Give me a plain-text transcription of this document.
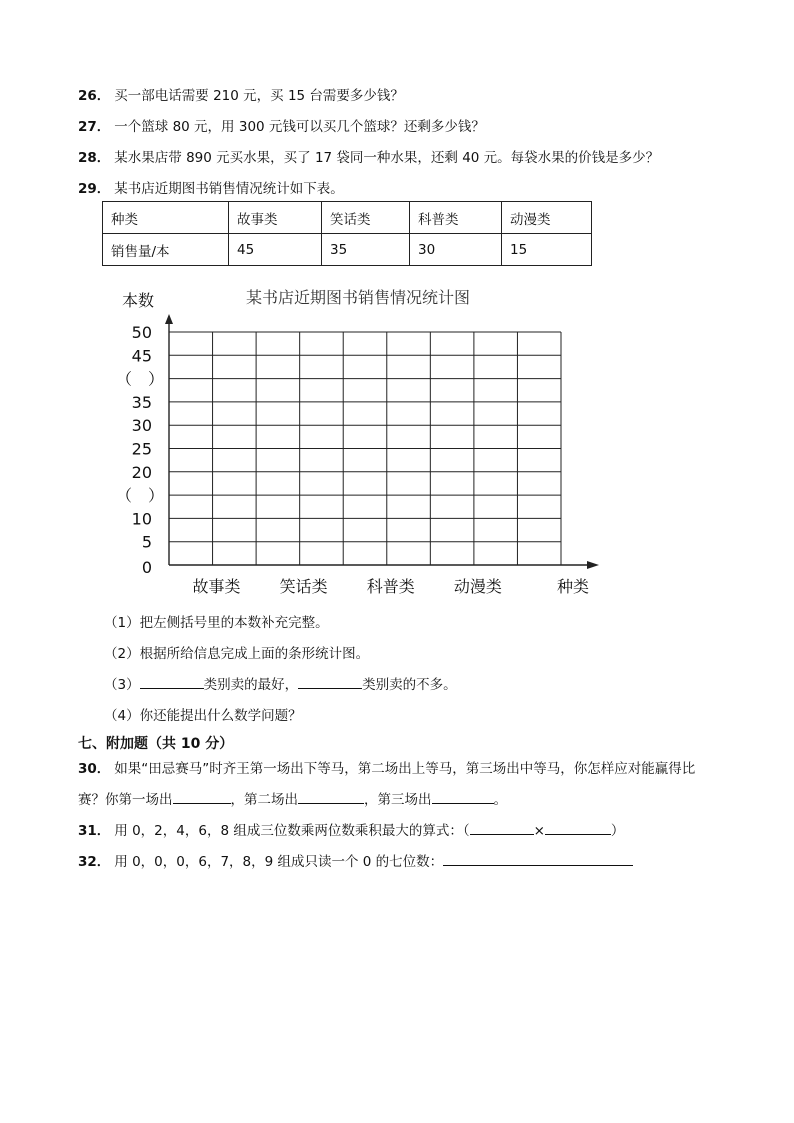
26． 买一部电话需要 210 元，买 15 台需要多少钱？
27． 一个篮球 80 元，用 300 元钱可以买几个篮球？还剩多少钱？
28． 某水果店带 890 元买水果，买了 17 袋同一种水果，还剩 40 元。每袋水果的价钱是多少？
29． 某书店近期图书销售情况统计如下表。
种类	故事类	笑话类	科普类	动漫类
销售量/本	45	35	30	15
某书店近期图书销售情况统计图
本数
0
5
10
（　）
20
25
30
35
（　）
45
50
故事类 笑话类 科普类 动漫类	种类
（1）把左侧括号里的本数补充完整。
（2）根据所给信息完成上面的条形统计图。
（3）	类别卖的最好，	类别卖的不多。
（4）你还能提出什么数学问题？
七、附加题（共 10 分）
30． 如果“田忌赛马”时齐王第一场出下等马，第二场出上等马，第三场出中等马，你怎样应对能赢得比
赛？你第一场出	，第二场出	，第三场出	。
31． 用 0，2，4，6，8 组成三位数乘两位数乘积最大的算式：（	×	）
32． 用 0，0，0，6，7，8，9 组成只读一个 0 的七位数：
